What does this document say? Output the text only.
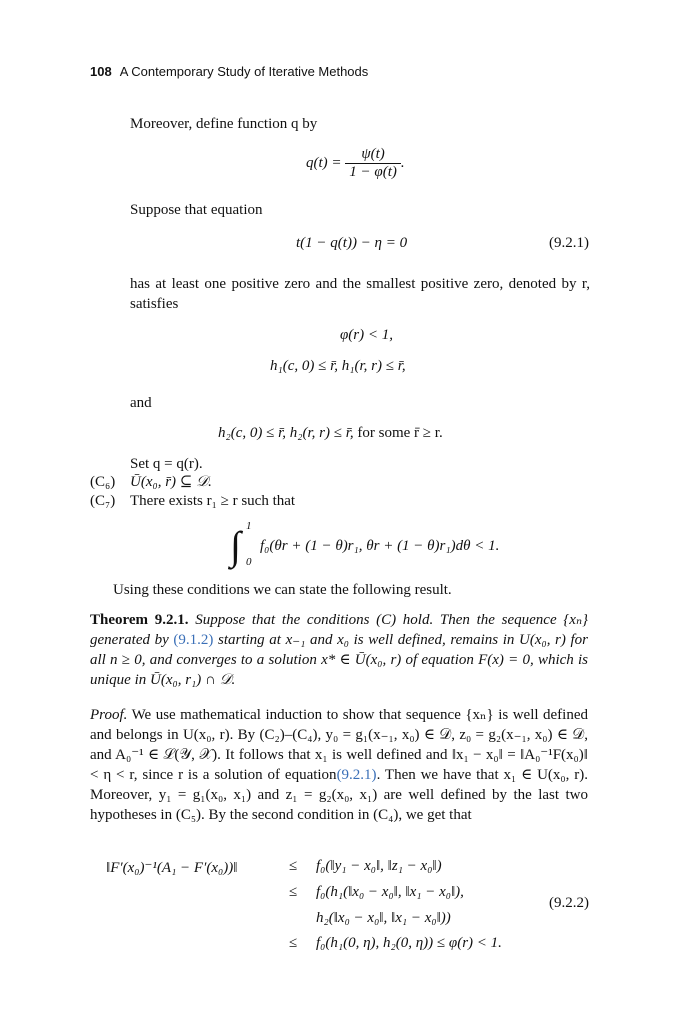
108 A Contemporary Study of Iterative Methods
Moreover, define function q by
$q(t) = \frac{\psi(t)}{1 - \varphi(t)}$ .
Suppose that equation
t(1 − q(t)) − η = 0	(9.2.1)
has at least one positive zero and the smallest positive zero, denoted by r, satisfies
φ(r) < 1,
h₁(c, 0) ≤ r̄, h₁(r, r) ≤ r̄,
and
h₂(c, 0) ≤ r̄, h₂(r, r) ≤ r̄, for some r̄ ≥ r.
Set q = q(r).
(C₆) Ū(x₀, r̄) ⊆ 𝒟.
(C₇) There exists r₁ ≥ r such that
∫ 1
0
f₀(θr + (1 − θ)r₁, θr + (1 − θ)r₁)dθ < 1.
Using these conditions we can state the following result.
Theorem 9.2.1. Suppose that the conditions (C) hold. Then the sequence {xₙ} generated by (9.1.2) starting at x₋₁ and x₀ is well defined, remains in U(x₀, r) for all n ≥ 0, and converges to a solution x* ∈ Ū(x₀, r) of equation F(x) = 0, which is unique in Ū(x₀, r₁) ∩ 𝒟.
Proof. We use mathematical induction to show that sequence {xₙ} is well defined and belongs in U(x₀, r). By (C₂)–(C₄), y₀ = g₁(x₋₁, x₀) ∈ 𝒟, z₀ = g₂(x₋₁, x₀) ∈ 𝒟, and A₀⁻¹ ∈ ℒ(𝒴, 𝒳). It follows that x₁ is well defined and ‖x₁ − x₀‖ = ‖A₀⁻¹F(x₀)‖ < η < r, since r is a solution of equation(9.2.1). Then we have that x₁ ∈ U(x₀, r). Moreover, y₁ = g₁(x₀, x₁) and z₁ = g₂(x₀, x₁) are well defined by the last two hypotheses in (C₅). By the second condition in (C₄), we get that
‖F′(x₀)⁻¹(A₁ − F′(x₀))‖	≤ f₀(‖y₁ − x₀‖, ‖z₁ − x₀‖)
≤ f₀(h₁(‖x₀ − x₀‖, ‖x₁ − x₀‖),
h₂(‖x₀ − x₀‖, ‖x₁ − x₀‖))
≤ f₀(h₁(0, η), h₂(0, η)) ≤ φ(r) < 1.
(9.2.2)
